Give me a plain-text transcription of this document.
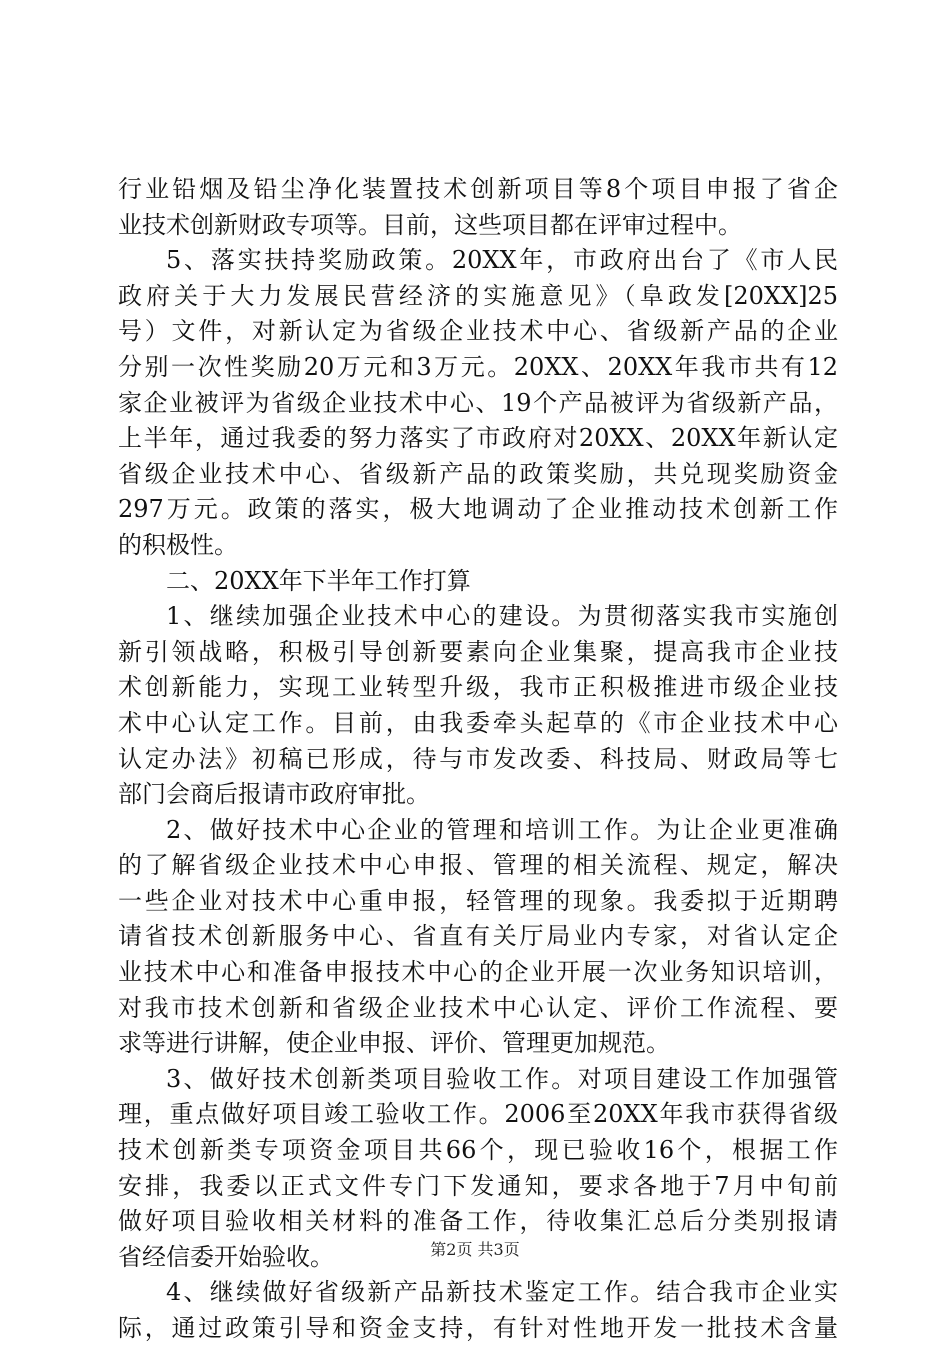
行业铅烟及铅尘净化装置技术创新项目等8个项目申报了省企
业技术创新财政专项等。目前，这些项目都在评审过程中。
5、落实扶持奖励政策。20XX年，市政府出台了《市人民
政府关于大力发展民营经济的实施意见》（阜政发[20XX]25
号）文件，对新认定为省级企业技术中心、省级新产品的企业
分别一次性奖励20万元和3万元。20XX、20XX年我市共有12
家企业被评为省级企业技术中心、19个产品被评为省级新产品，
上半年，通过我委的努力落实了市政府对20XX、20XX年新认定
省级企业技术中心、省级新产品的政策奖励，共兑现奖励资金
297万元。政策的落实，极大地调动了企业推动技术创新工作
的积极性。
二、20XX年下半年工作打算
1、继续加强企业技术中心的建设。为贯彻落实我市实施创
新引领战略，积极引导创新要素向企业集聚，提高我市企业技
术创新能力，实现工业转型升级，我市正积极推进市级企业技
术中心认定工作。目前，由我委牵头起草的《市企业技术中心
认定办法》初稿已形成，待与市发改委、科技局、财政局等七
部门会商后报请市政府审批。
2、做好技术中心企业的管理和培训工作。为让企业更准确
的了解省级企业技术中心申报、管理的相关流程、规定，解决
一些企业对技术中心重申报，轻管理的现象。我委拟于近期聘
请省技术创新服务中心、省直有关厅局业内专家，对省认定企
业技术中心和准备申报技术中心的企业开展一次业务知识培训，
对我市技术创新和省级企业技术中心认定、评价工作流程、要
求等进行讲解，使企业申报、评价、管理更加规范。
3、做好技术创新类项目验收工作。对项目建设工作加强管
理，重点做好项目竣工验收工作。2006至20XX年我市获得省级
技术创新类专项资金项目共66个，现已验收16个，根据工作
安排，我委以正式文件专门下发通知，要求各地于7月中旬前
做好项目验收相关材料的准备工作，待收集汇总后分类别报请
省经信委开始验收。
4、继续做好省级新产品新技术鉴定工作。结合我市企业实
际，通过政策引导和资金支持，有针对性地开发一批技术含量
第2页 共3页
